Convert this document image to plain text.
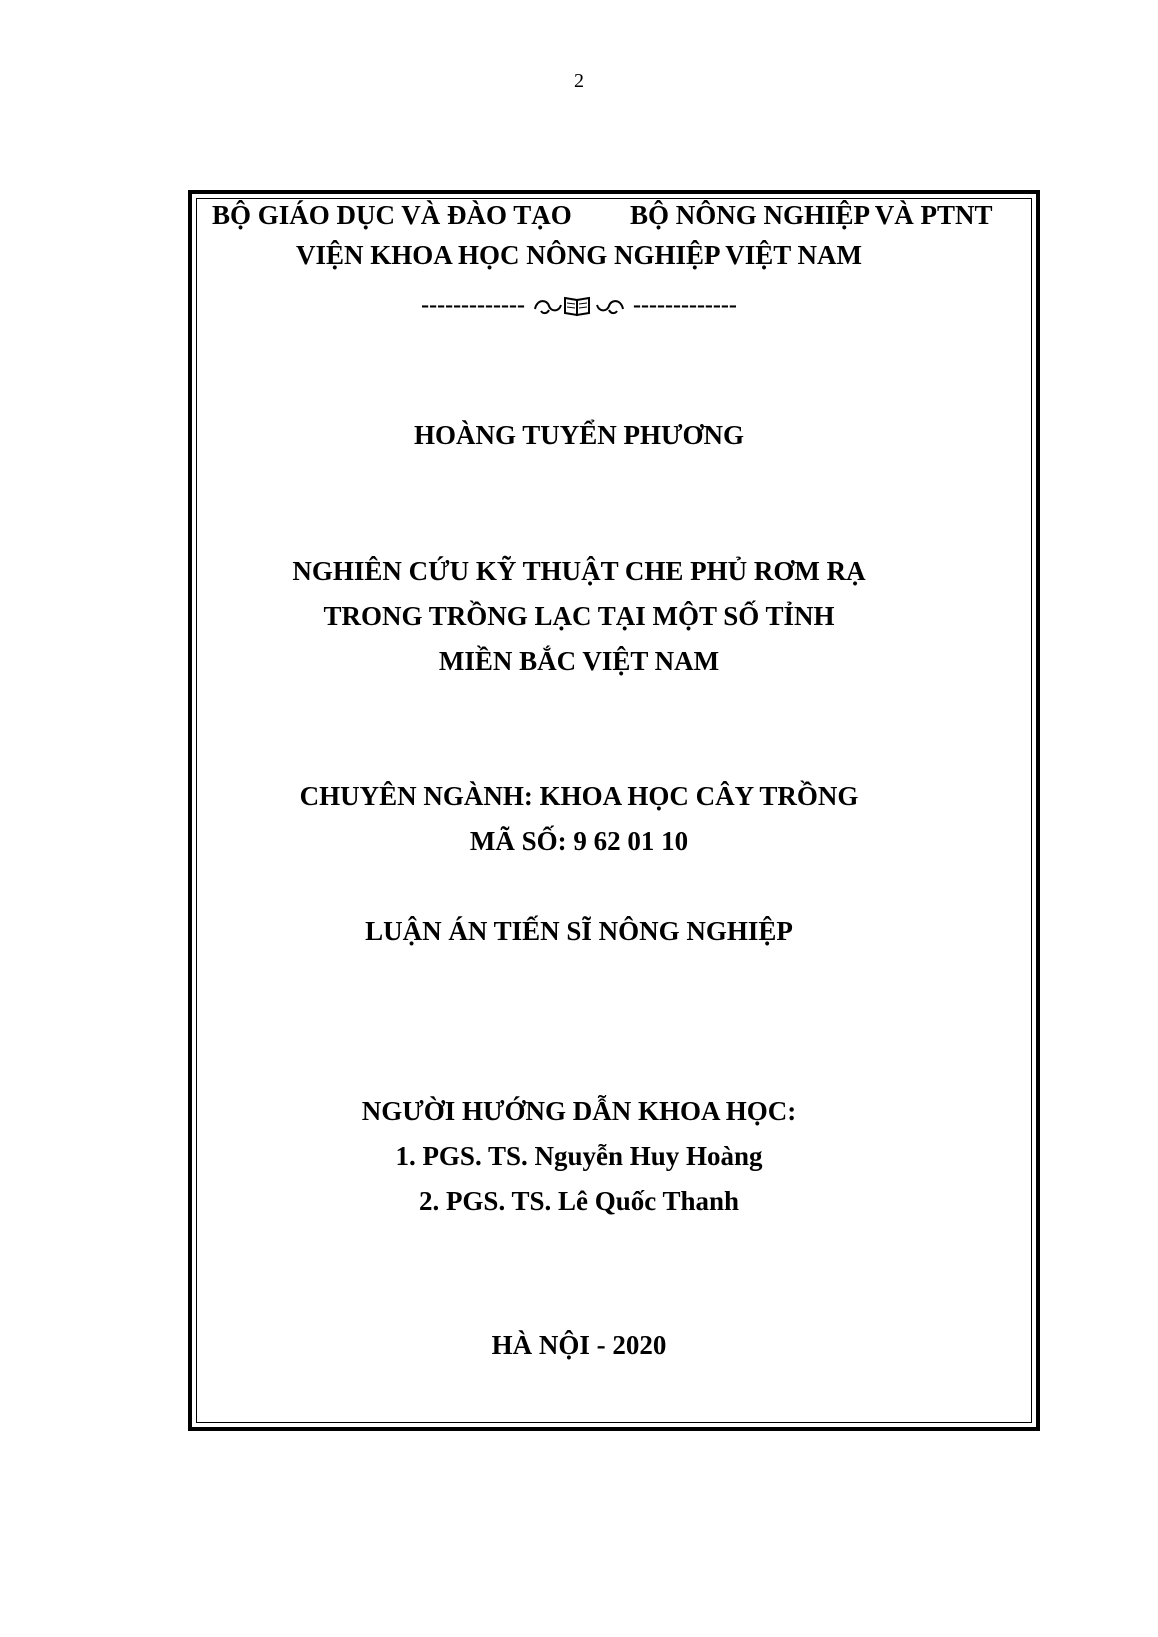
2
BỘ GIÁO DỤC VÀ ĐÀO TẠO BỘ NÔNG NGHIỆP VÀ PTNT
VIỆN KHOA HỌC NÔNG NGHIỆP VIỆT NAM
-------------	-------------
HOÀNG TUYỂN PHƯƠNG
NGHIÊN CỨU KỸ THUẬT CHE PHỦ RƠM RẠ
TRONG TRỒNG LẠC TẠI MỘT SỐ TỈNH
MIỀN BẮC VIỆT NAM
CHUYÊN NGÀNH: KHOA HỌC CÂY TRỒNG
MÃ SỐ: 9 62 01 10
LUẬN ÁN TIẾN SĨ NÔNG NGHIỆP
NGƯỜI HƯỚNG DẪN KHOA HỌC:
1. PGS. TS. Nguyễn Huy Hoàng
2. PGS. TS. Lê Quốc Thanh
HÀ NỘI - 2020
